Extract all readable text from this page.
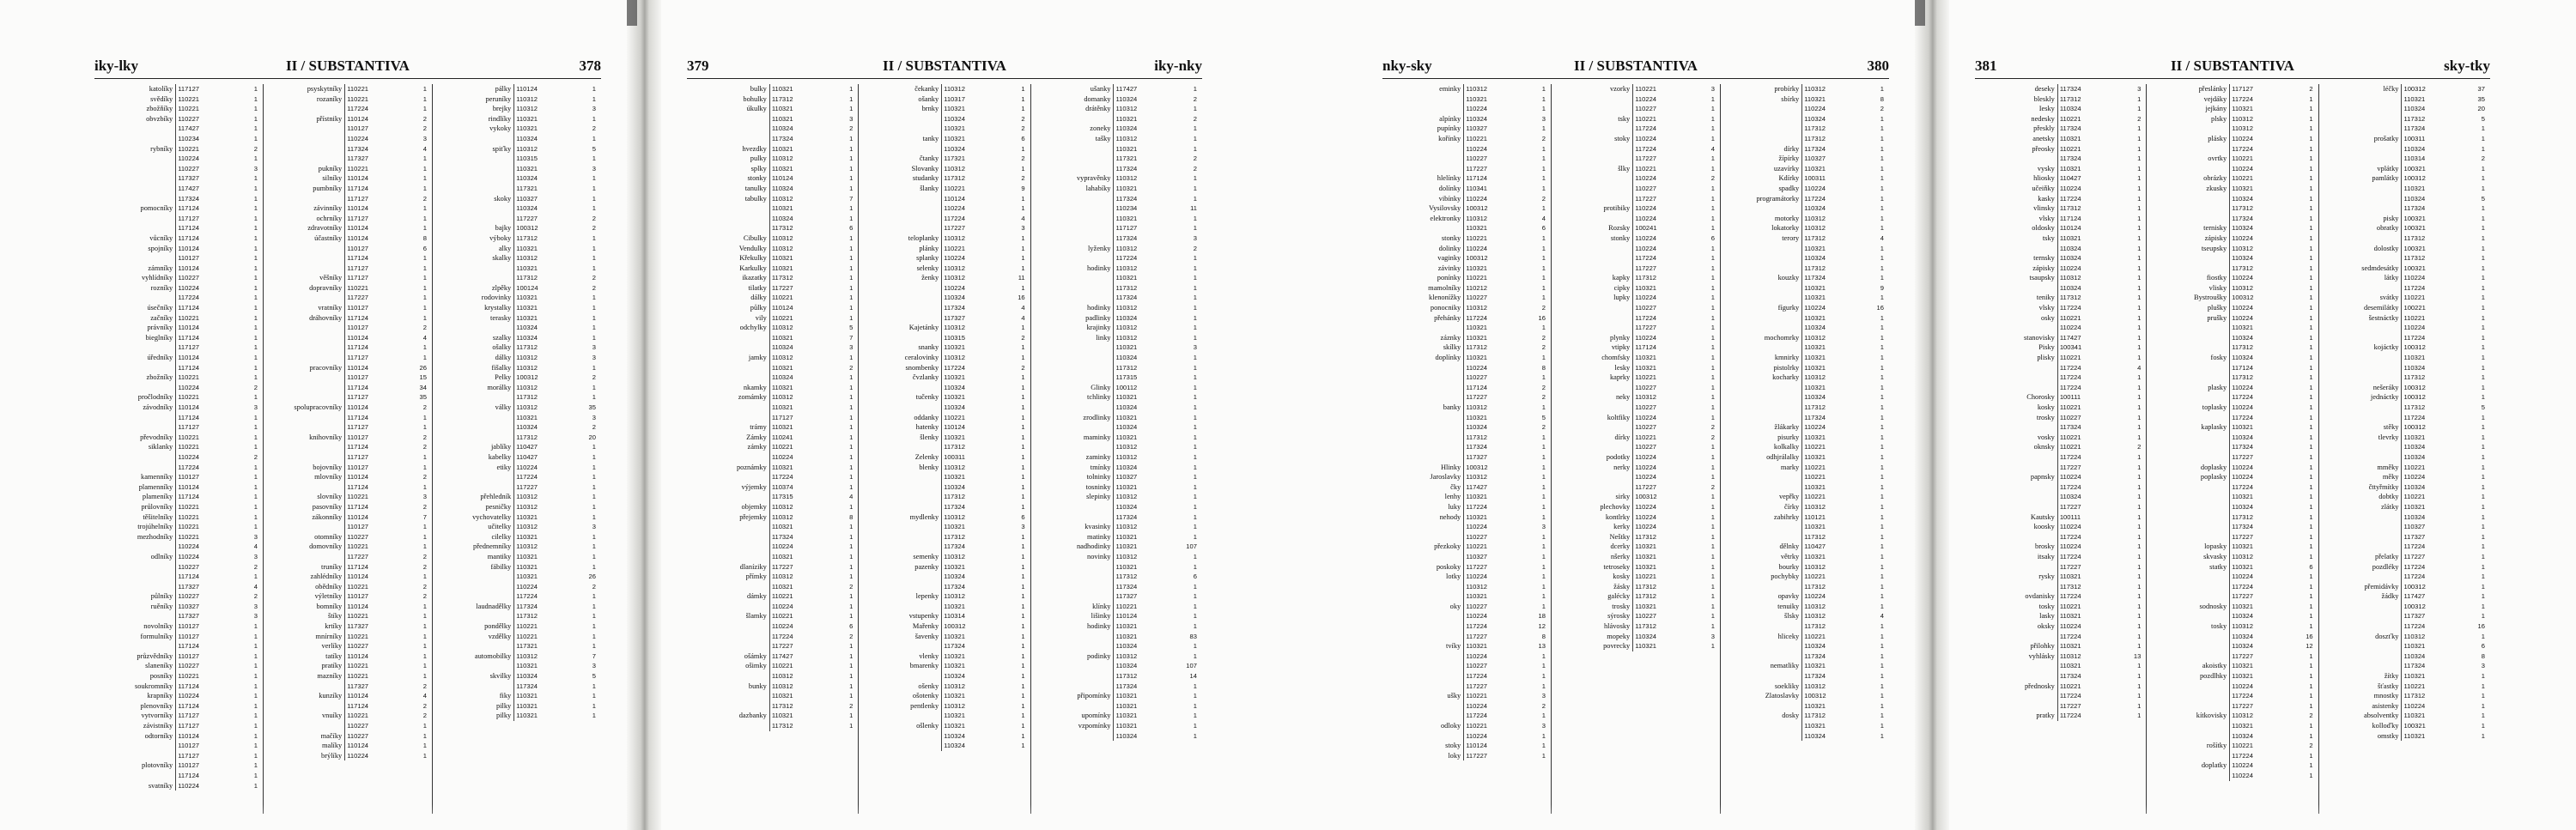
iky-lky	II / SUBSTANTIVA	378
katolíky 117127	1
svědíky 110221	1
zbožňíky 110221	1
obvzbíky 110227	1
117427	1
110234	1
rybníky 110221	2
110224	1
110227	3
117327	1
117427	1
117324	1
pomocníky 117124	1
117127	1
117124	1
vůcníky 117124	1
spojníky 110124	1
110127	1
zámníky 110124	1
vyhlídníky 110227	1
rozníky 110224	1
117224	1
úsečníky 117124	1
začníky 110221	1
právníky 110124	1
bieglníky 117124	1
117127	1
úředníky 110124	1
117124	1
zbožníky 110221	1
110224	2
pročlodníky 110221	1
závodníky 110124	3
117124	1
117127	1
převodníky 110221	1
siklanky 110221	1
110224	2
117224	1
kamenníky 110127	1
plamenníky 110124	1
plameníky 117124	1
průlovníky 110221	1
těšitelníky 110221	1
trojúhelníky 110221	1
mezhodníky 110221	3
110224	4
odlníky 110224	3
110227	2
117124	1
117327	4
půlníky 110227	2
ruěníky 110327	3
117327	3
novolníky 110127	1
formulníky 110127	1
117124	1
průzvědníky 110127	1
slaneníky 110227	1
posníky 110221	1
soukromníky 117124	1
krapníky 110224	1
plenovníky 117124	1
vytvorníky 117127	1
závistníky 117127	1
odtorníky 110124	1
110127	1
117127	1
plotovníky 110127	1
117124	1
svatníky 110224	1
psyskytníky 110221	1
rozaníky 110221	1
117224	1
přístniky 110124	2
110127	2
110224	3
117324	4
117327	1
pukníky 110221	1
silníky 110124	1
pumbníky 117124	1
117127	2
závinníky 110124	1
ochrníky 117127	1
zdravotníky 110124	1
účastníky 110124	8
110127	6
117124	1
117127	1
věšníky 117127	1
dopravníky 110221	1
117227	1
vratníky 110127	1
dráhovníky 117124	1
110127	2
110124	4
117124	1
117127	1
pracovníky 110124	26
110127	15
117124	34
117127	35
spolupracovníky 110124	2
117124	1
117127	1
knihovníky 110127	2
117124	2
117127	1
bojovníky 110127	1
mlovníky 110124	2
117124	1
slovníky 110221	3
pasovníky 117124	2
zákonníky 110124	7
110127	1
otomníky 110227	1
domovníky 110221	1
117227	2
truníky 117124	2
zahlédníky 110124	1
obědníky 110221	2
výletníky 110127	2
bomníky 110124	1
štíky 110221	1
krtíky 117327	1
mnírníky 110221	1
verlíky 110227	1
tatíky 110124	1
pratíky 110221	1
mazníky 110221	1
117327	2
kunzíky 110124	4
117124	2
vnuíky 110221	2
110227	1
mačíky 110227	1
malíky 110124	1
brýlíky 110224	1
pálky 110124	1
peruníky 110312	1
brejky 110312	3
rindlíky 110321	1
vykoky 110321	2
110324	1
spiťky 110312	5
110315	1
110321	3
110324	1
117321	1
skoky 110327	1
110324	1
117227	2
bajky 100312	2
výboky 117312	1
alky 110321	1
skalky 110312	1
110321	1
117312	2
zlpěky 100124	2
rodovinky 110321	1
krystalky 110321	1
terasky 110321	1
110324	1
szalky 110324	1
ošalky 117312	3
dálky 110312	3
fišalky 110312	1
Pelky 100312	2
morálky 110312	1
117312	1
války 110312	35
110321	3
110324	2
117312	20
jablíky 110427	1
kabelky 110427	1
etiky 110224	1
117224	1
117227	1
přehledník 110312	1
pesničky 110312	1
vychovatelky 110321	1
učitelky 110312	3
cilelky 110321	1
přednemníky 110312	1
mantiky 110321	1
fábilky 110321	1
110321	26
110224	2
117224	1
laudnadělky 117324	1
117312	1
pondělky 110221	1
vzdělky 110221	1
117321	1
automobilky 110312	7
110321	3
skvilky 110324	5
117324	1
fiky 110321	1
pilky 110321	1
pilky 110321	1
379	II / SUBSTANTIVA	iky-nky
bulky 110321	1
bohulky 117312	1
úkulky 110321	1
110321	3
110324	2
117324	1
hvezdky 110321	1
pulky 110312	1
splky 110321	1
stonky 110124	1
tanulky 110324	1
tabulky 110312	7
110321	1
110324	1
117312	6
Cibulky 110312	1
Vendulky 110312	1
Křekulky 110321	1
Karkulky 110321	1
ikazatky 117312	1
tilatky 117227	1
dálky 110221	1
půlky 110124	1
vily 110221	1
odchylky 110312	5
110321	7
110324	3
jamky 110312	1
110321	2
110324	1
nkamky 110321	1
zomámky 110312	1
110321	1
117127	1
trámy 110321	1
Zámky 110241	1
zámky 110221	1
110224	1
poznámky 110321	1
117224	1
výjemky 110374	1
117315	4
objemky 110312	1
přejemky 110312	8
110321	1
117324	1
110224	1
110321	1
dlaníziky 117227	1
přímky 110312	1
110321	2
dámky 110221	1
110224	1
šlamky 110221	1
110224	6
117224	2
117227	1
ošámky 117427	1
ošimky 110221	1
110312	1
bunky 110312	1
110321	1
117312	2
dazbanky 110321	1
117312	1
čekanky 110312	1
ošanky 110317	1
brnky 110321	1
110324	2
110321	2
tanky 110321	6
110324	1
čtanky 117321	2
Slovanky 110312	1
studanky 117312	2
šlanky 110221	9
110124	1
110224	1
117224	4
117227	3
teloplanky 110312	1
plánky 110221	1
splanky 110224	1
selenky 110312	1
ženky 110312	11
110224	1
110324	16
117324	4
117327	4
Kajetánky 110312	1
110315	2
snanky 110321	1
ceralovinky 110312	1
snombenky 117224	2
čvzlanky 110321	1
110324	1
tučenky 110321	1
110324	1
oddanky 110221	1
hatenky 110124	1
šlenky 110321	1
117312	1
Zelenky 100311	1
blenky 110312	1
110321	1
110324	1
117312	1
117324	1
mydlenky 110312	6
110321	3
117312	1
117324	1
semenky 110312	1
pazenky 110321	1
110324	1
117324	1
lepenky 110312	1
110321	1
vstupenky 110314	1
Mařenky 100312	1
šavenky 110321	1
117324	1
vlenky 110321	1
bmarenky 110321	1
110324	1
ošenky 110312	1
ošotenky 110321	1
pentlenky 110312	1
110321	1
ošlenky 110321	1
110324	1
110324	1
ušanky 117427	1
domanky 110324	2
drátěnky 110312	1
110321	2
zoneky 110324	1
tašky 110312	1
110321	1
117321	2
117324	2
vypravěnky 110312	1
lahabíky 110321	1
117324	1
110234	11
110321	1
117127	1
117324	3
lyženky 110312	2
117224	1
hodinky 110312	1
110321	1
117312	1
117324	1
hodinky 110312	1
padlinky 110324	1
krajinky 110312	1
linky 110312	1
110321	3
110324	1
117312	1
117315	1
Glinky 100112	1
tchlinky 110321	1
110324	1
zrodlinky 110321	1
110324	1
maminky 110321	1
110312	1
zaminky 110312	1
tmínky 110324	1
tolninky 110327	1
tosninky 110321	1
slepinky 110312	1
110324	1
117324	1
kvasinky 110312	1
matinky 110321	1
nadhodinky 110321	107
novinky 110312	1
110321	1
117312	6
117324	1
117327	1
klínky 110221	1
lišinky 110124	1
hodinky 110321	1
110321	83
110324	1
podinky 110312	1
110324	107
117312	14
117324	1
připomínky 110321	1
110321	1
upomínky 110321	1
vzpomínky 110321	1
110324	1
nky-sky	II / SUBSTANTIVA	380
eminky 110312	1
110321	1
110224	1
alpínky 110324	3
pupínky 110327	1
kořínky 110221	2
110224	1
110227	1
117227	1
hlelínky 117124	1
dolínky 110341	1
vibínky 110224	2
Vysilovsky 100312	1
elektronky 110312	4
110321	6
stonky 110221	1
dolinky 110224	1
vaginky 100312	1
závinky 110321	1
ponínky 110221	1
mamolníky 110212	1
klenonížky 110227	1
ponocniky 110312	2
přehánky 117224	16
110321	1
záznky 110321	2
skílky 117312	2
doplínky 110321	1
110224	8
110227	1
117124	2
117227	2
banky 110312	1
110321	5
110324	2
117312	1
117324	1
117327	1
Hlinky 100312	1
Jaroslavky 110312	1
čky 117427	1
lenhy 110321	1
luky 117224	1
nehody 110321	1
110224	3
110227	1
přezkoky 110221	1
110327	1
poskoky 117227	1
lotky 110224	1
110312	1
110321	1
oky 110227	1
110224	18
117224	12
117227	8
tvíky 110321	13
110224	1
110227	1
117224	1
117227	1
ušky 110221	3
110224	2
117224	1
odloky 110221	3
110224	1
stoky 110124	1
loky 117227	1
vzorky 110221	3
110224	1
110227	1
tsky 110221	1
117224	1
stoky 110224	1
117224	4
117227	1
šlky 110221	1
110224	2
110227	1
117227	1
protibiky 110224	1
110224	1
Rozsky 100241	1
stonky 110224	6
110224	1
117224	1
117227	1
kapky 117312	1
cipky 110321	1
lupky 110224	1
110227	1
117224	1
117227	1
plynky 110224	1
vtipky 117124	1
chomfsky 110321	1
lesky 110321	1
kaprky 110221	1
110227	1
neky 110312	1
110227	1
koltfiky 110224	1
110227	2
dírky 110221	2
110227	1
podotky 110224	1
nerky 110224	1
110224	1
117227	2
sirky 100312	1
plechovky 110224	1
kontlrky 110224	1
kerky 110224	1
Neštky 117312	1
dcerky 110321	1
nšerky 110321	1
tetroseky 110321	1
kosky 110221	1
žásky 117312	1
galécky 117312	1
trosky 110321	1
sýrosky 110227	1
hlávosky 117312	1
mopeky 110324	3
povrecky 110321	1
probírky 110312	1
sbírky 110321	8
110224	2
110324	1
117312	1
117312	1
dírky 117324	1
žípírky 110327	1
uzavírky 110321	1
Kdírky 100311	1
spadky 110224	1
programátorky 117224	1
110324	1
motorky 110312	1
lokatorky 110312	1
terory 117312	4
110321	1
110324	1
117312	1
kouzky 117324	1
110321	9
110321	1
fígurky 110224	16
110321	1
110324	1
mochomrky 110312	1
110321	1
kmnirky 110321	1
pistolrky 110321	1
kocharky 110312	1
110321	1
110324	1
117312	1
117324	1
žlákarky 110224	1
pisurky 110321	1
kolkalky 110221	1
odhjrálalky 110321	1
marky 110221	1
110221	1
110321	1
vepřky 110221	1
čírky 110312	1
zabihrky 110121	1
110321	1
117312	1
dělnky 110427	1
větrky 110321	1
bourky 110312	1
pochybky 110221	1
117312	1
opavky 110224	1
tenuiky 110312	1
šlsky 110312	4
117312	1
hliceky 110221	1
110324	1
117324	1
nematliky 110321	1
117324	1
soekliky 110312	1
Zlatoslavky 100312	1
110321	1
dosky 117312	1
110321	1
110324	1
381	II / SUBSTANTIVA	sky-tky
deseky 117324	3
bleskly 117312	1
Iesky 110324	1
nedesky 110221	2
přeskly 117324	1
anetsky 110321	1
přeosky 110221	1
117324	1
vysky 110321	1
hliosky 110427	1
učeiňky 110224	1
kasky 117224	1
vlinsky 117312	1
vlsky 117124	1
oldosky 110124	1
tsky 110321	1
110324	1
ternsky 110324	1
zápisky 110224	1
tsaupsky 110312	1
110324	1
teniky 117312	1
vlsky 117224	1
osky 110221	1
110224	1
stanovisky 117427	1
Pisky 100341	1
plisky 110221	1
117224	4
117224	1
117224	1
Chorosky 100111	1
kosky 110221	1
trosky 110227	1
117324	1
vosky 110221	1
oknsky 110221	2
117224	1
117227	1
papnsky 110224	1
117224	1
110324	1
117227	1
Kautsky 100111	1
koosky 110224	1
117224	1
brosky 110224	1
itsaky 117224	1
117227	1
rysky 110321	1
117312	1
ovdanisky 117224	1
tosky 110221	1
lasky 110321	1
oksky 110224	1
117224	1
přilohky 110321	1
vyhlásky 110312	13
110321	1
117324	1
přednosky 110221	1
117224	1
117227	1
pratky 117224	1
přeslánky 117127	2
vejdáky 117224	1
jejkány 110321	1
plsky 110312	1
110312	1
plásky 110224	1
117224	1
ovrtky 110221	1
110224	1
obrázky 110221	1
zkusky 110321	1
110324	1
117312	1
117324	1
ternisky 110324	1
zápisky 110224	1
tseupsky 110312	1
110324	1
117312	1
fiostky 110224	1
vlisky 110312	1
Bystroušky 100312	1
plušky 110224	1
prušky 110224	1
110321	1
110324	1
117312	1
fosky 110324	1
117124	1
117312	1
plasky 110224	1
117224	1
toplasky 110224	1
117224	1
kaplasky 110321	1
110324	1
117324	1
117227	1
doplasky 110224	1
poplasky 110224	1
117224	1
110321	1
110324	1
117312	1
117324	1
117227	1
lopasky 110321	1
skvasky 110312	1
statky 110321	6
110224	1
117224	1
117227	1
sodnosky 110321	1
110324	1
tosky 110312	1
110324	16
110324	12
117227	1
akoistky 110321	1
pozdlhky 110321	1
110224	1
117224	1
117227	1
kítkovisky 110312	2
110321	1
110324	1
rošítky 110221	2
117224	1
doplatky 110224	1
110224	1
léčky 100312	37
110321	35
110324	20
117312	5
117324	1
prošatky 100311	1
110324	1
110314	2
vplátky 100321	1
pamlátky 100312	1
110321	1
110324	5
117324	1
pisky 100321	1
obratky 100321	1
117312	1
dolostky 100321	1
117312	1
sedmdesátky 100321	1
látky 110224	1
117224	1
svátky 110221	1
desemilátky 100221	1
šestnáctky 110221	1
110224	1
117224	1
kojáctky 100312	1
110321	1
110324	1
117312	1
nešeráky 100312	1
jednáctky 100312	1
117312	5
117224	1
stěky 100312	1
tlevrky 110321	1
110324	1
110324	1
mměky 110221	1
měky 110224	1
čttyřmítky 110324	1
dobtky 110221	1
zlátky 110321	1
110324	1
110327	1
117327	1
117224	1
přelatky 117227	1
pozdléky 117224	1
117224	1
přemidávky 100312	1
žádky 117427	1
100312	1
117327	1
117224	16
doszťky 110312	1
110321	6
110324	8
117324	3
žítky 110321	1
šťastky 110221	1
mnostky 117312	1
asistenky 110224	1
absolventky 110321	1
kolloďky 100321	1
omstky 110321	1
